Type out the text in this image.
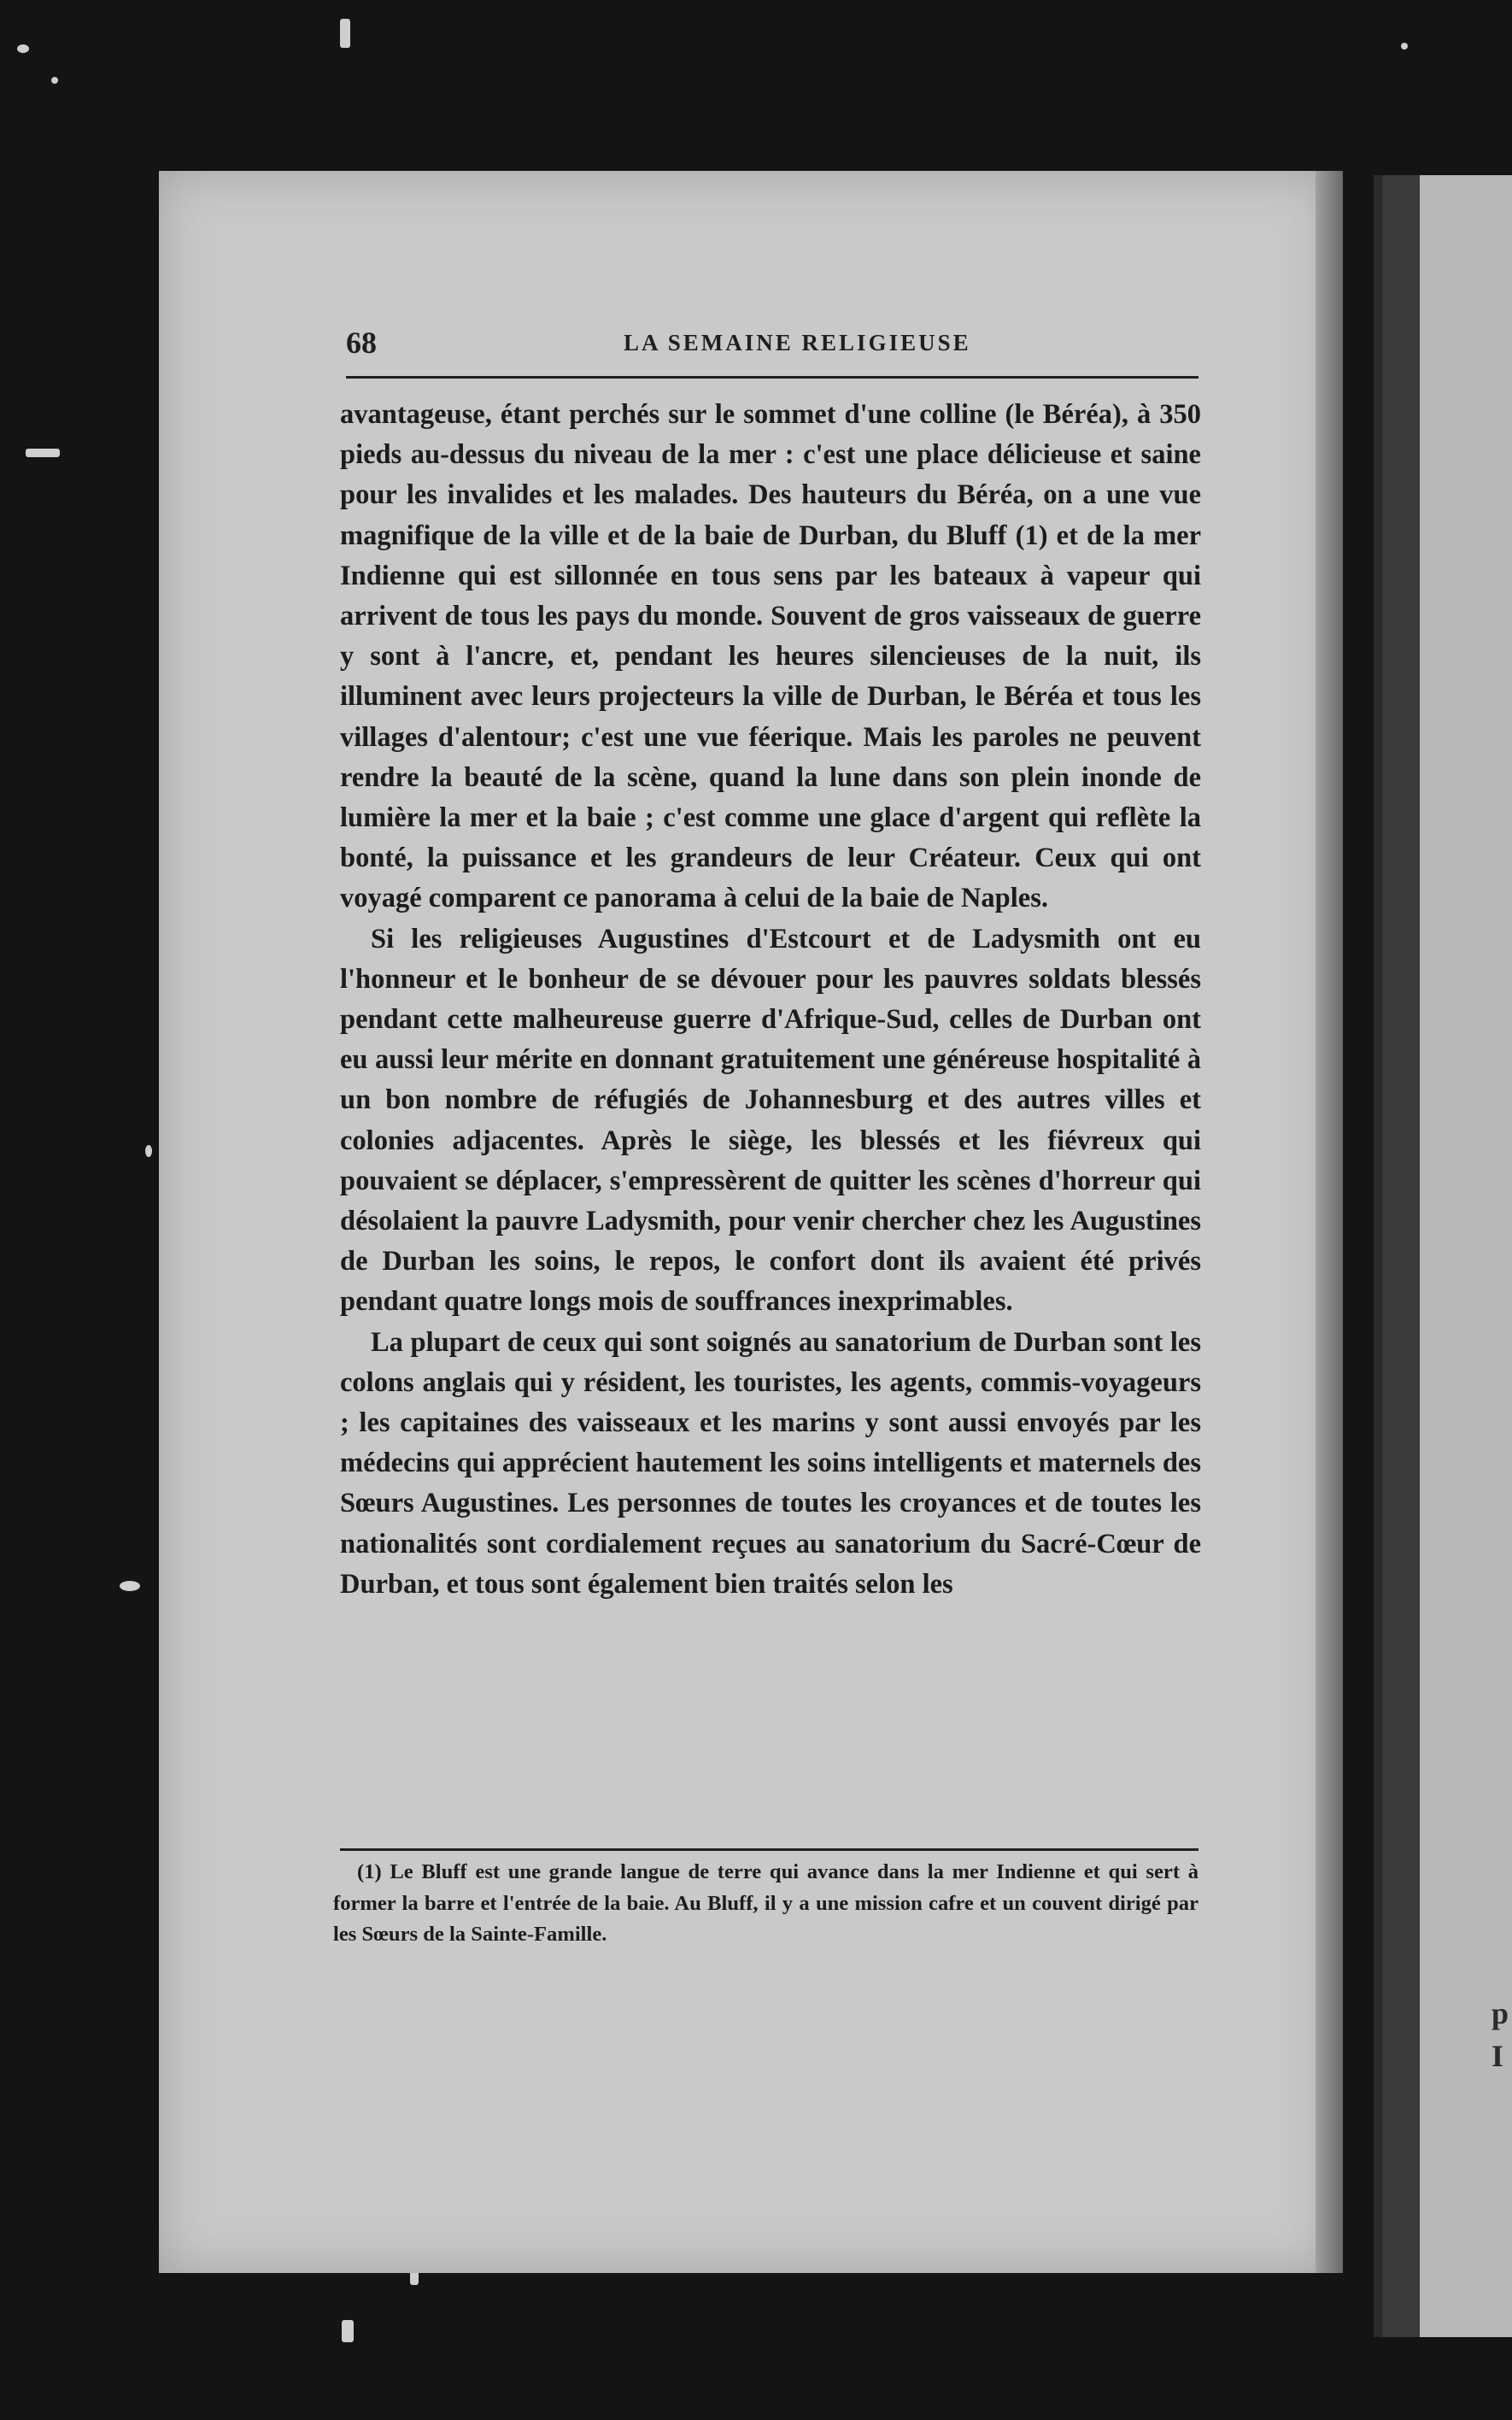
p
I
68	LA SEMAINE RELIGIEUSE

avantageuse, étant perchés sur le sommet d'une colline (le Béréa), à 350 pieds au-dessus du niveau de la mer : c'est une place délicieuse et saine pour les invalides et les malades. Des hauteurs du Béréa, on a une vue magnifique de la ville et de la baie de Durban, du Bluff (1) et de la mer Indienne qui est sillonnée en tous sens par les bateaux à vapeur qui arrivent de tous les pays du monde. Souvent de gros vaisseaux de guerre y sont à l'ancre, et, pendant les heures silencieuses de la nuit, ils illuminent avec leurs projecteurs la ville de Durban, le Béréa et tous les villages d'alentour; c'est une vue féerique. Mais les paroles ne peuvent rendre la beauté de la scène, quand la lune dans son plein inonde de lumière la mer et la baie ; c'est comme une glace d'argent qui reflète la bonté, la puissance et les grandeurs de leur Créateur. Ceux qui ont voyagé comparent ce panorama à celui de la baie de Naples.

Si les religieuses Augustines d'Estcourt et de Ladysmith ont eu l'honneur et le bonheur de se dévouer pour les pauvres soldats blessés pendant cette malheureuse guerre d'Afrique-Sud, celles de Durban ont eu aussi leur mérite en donnant gratuitement une généreuse hospitalité à un bon nombre de réfugiés de Johannesburg et des autres villes et colonies adjacentes. Après le siège, les blessés et les fiévreux qui pouvaient se déplacer, s'empressèrent de quitter les scènes d'horreur qui désolaient la pauvre Ladysmith, pour venir chercher chez les Augustines de Durban les soins, le repos, le confort dont ils avaient été privés pendant quatre longs mois de souffrances inexprimables.

La plupart de ceux qui sont soignés au sanatorium de Durban sont les colons anglais qui y résident, les touristes, les agents, commis-voyageurs ; les capitaines des vaisseaux et les marins y sont aussi envoyés par les médecins qui apprécient hautement les soins intelligents et maternels des Sœurs Augustines. Les personnes de toutes les croyances et de toutes les nationalités sont cordialement reçues au sanatorium du Sacré-Cœur de Durban, et tous sont également bien traités selon les

(1) Le Bluff est une grande langue de terre qui avance dans la mer Indienne et qui sert à former la barre et l'entrée de la baie. Au Bluff, il y a une mission cafre et un couvent dirigé par les Sœurs de la Sainte-Famille.
